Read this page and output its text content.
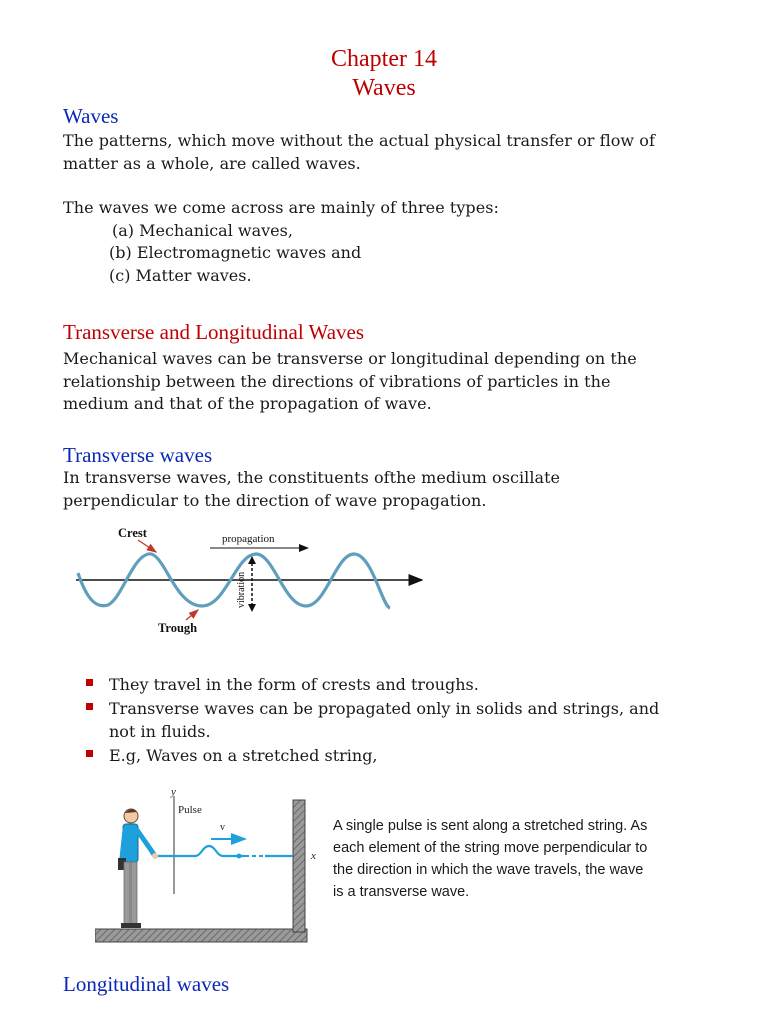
Chapter 14
Waves
Waves
The patterns, which move without the actual physical transfer or flow of
matter as a whole, are called waves.
The waves we come across are mainly of three types:
(a) Mechanical waves,
(b) Electromagnetic waves and
(c) Matter waves.
Transverse and Longitudinal Waves
Mechanical waves can be transverse or longitudinal depending on the
relationship between the directions of vibrations of particles in the
medium and that of the propagation of wave.
Transverse waves
In transverse waves, the constituents ofthe medium oscillate
perpendicular to the direction of wave propagation.
Crest
Trough
propagation
vibration
They travel in the form of crests and troughs.
Transverse waves can be propagated only in solids and strings, and
not in fluids.
E.g, Waves on a stretched string,
y
Pulse
v
x
A single pulse is sent along a stretched string. As
each element of the string move perpendicular to
the direction in which the wave travels, the wave
is a transverse wave.
Longitudinal waves
